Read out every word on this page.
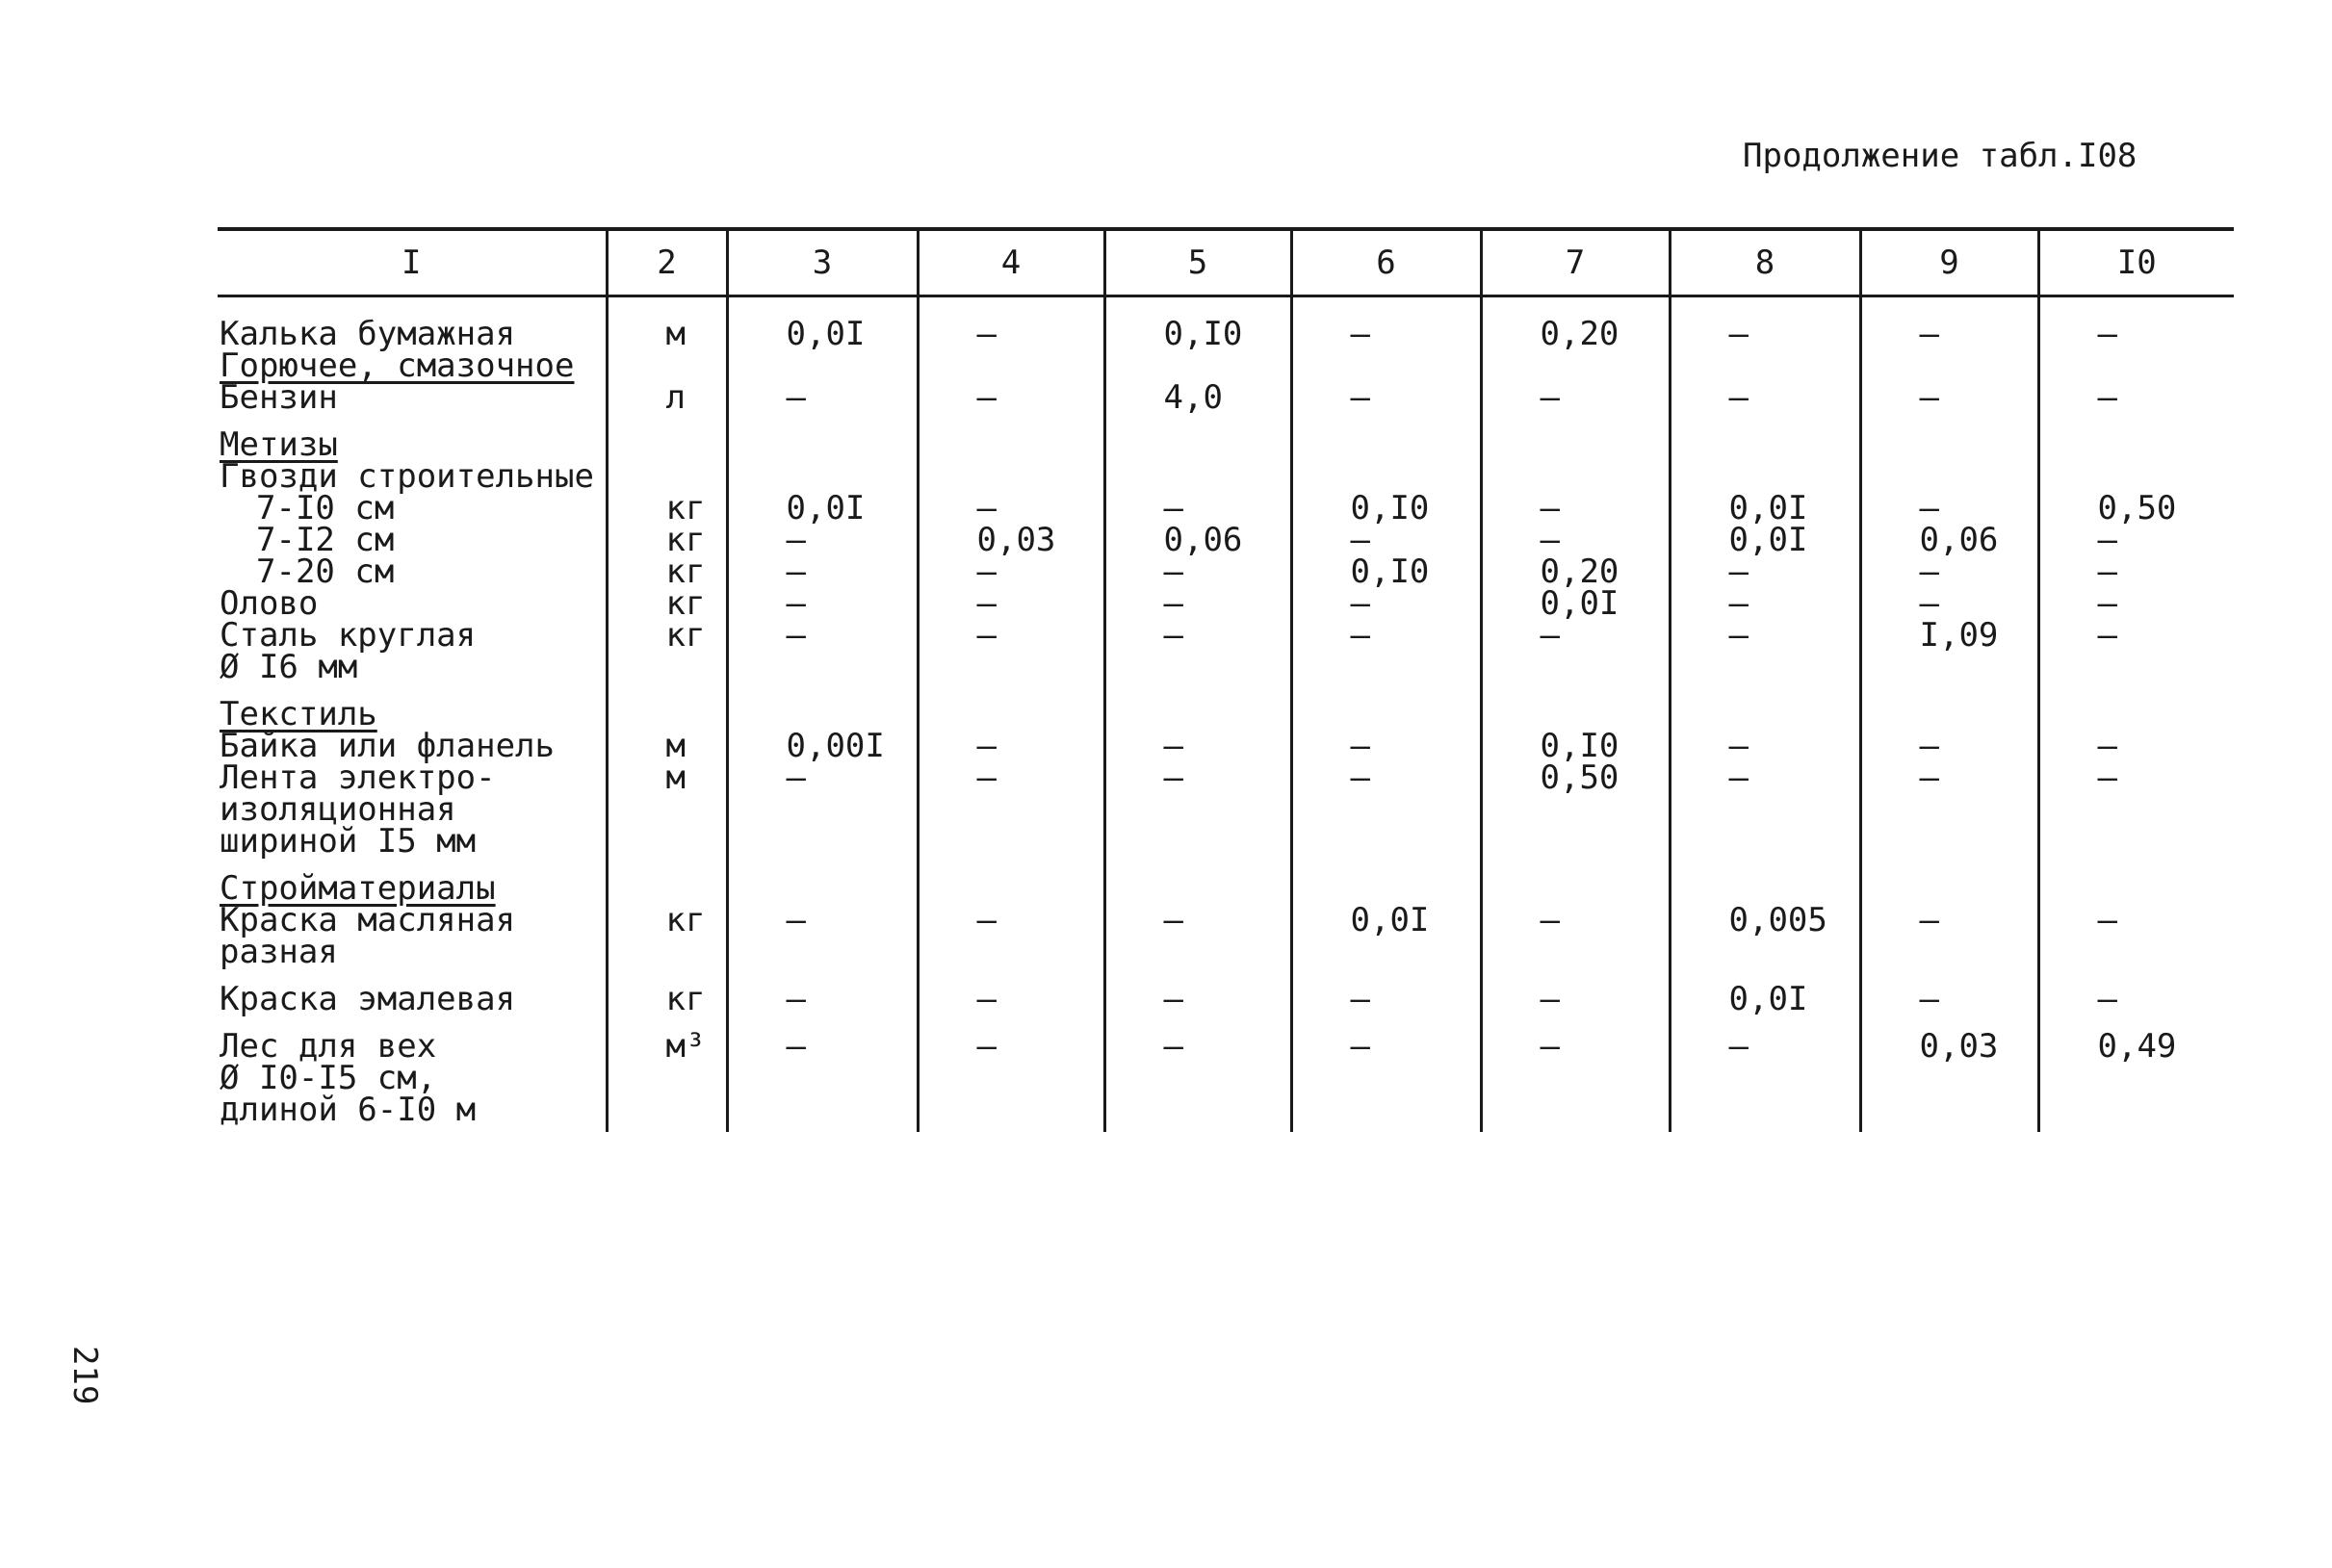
Продолжение табл.I08
219
I	2	3	4	5	6	7	8	9	I0
Калька бумажная	м	0,0I	–	0,I0	–	0,20	–	–	–
Горючее, смазочное									
Бензин	л	–	–	4,0	–	–	–	–	–
Метизы									
Гвозди строительные									
7-I0 см	кг	0,0I	–	–	0,I0	–	0,0I	–	0,50
7-I2 см	кг	–	0,03	0,06	–	–	0,0I	0,06	–
7-20 см	кг	–	–	–	0,I0	0,20	–	–	–
Олово	кг	–	–	–	–	0,0I	–	–	–
Сталь круглая
Ø I6 мм	кг	–	–	–	–	–	–	I,09	–
Текстиль									
Байка или фланель	м	0,00I	–	–	–	0,I0	–	–	–
Лента электро-
изоляционная
шириной I5 мм	м	–	–	–	–	0,50	–	–	–
Стройматериалы									
Краска масляная
разная	кг	–	–	–	0,0I	–	0,005	–	–
Краска эмалевая	кг	–	–	–	–	–	0,0I	–	–
Лес для вех
Ø I0-I5 см,
длиной 6-I0 м	м³	–	–	–	–	–	–	0,03	0,49
